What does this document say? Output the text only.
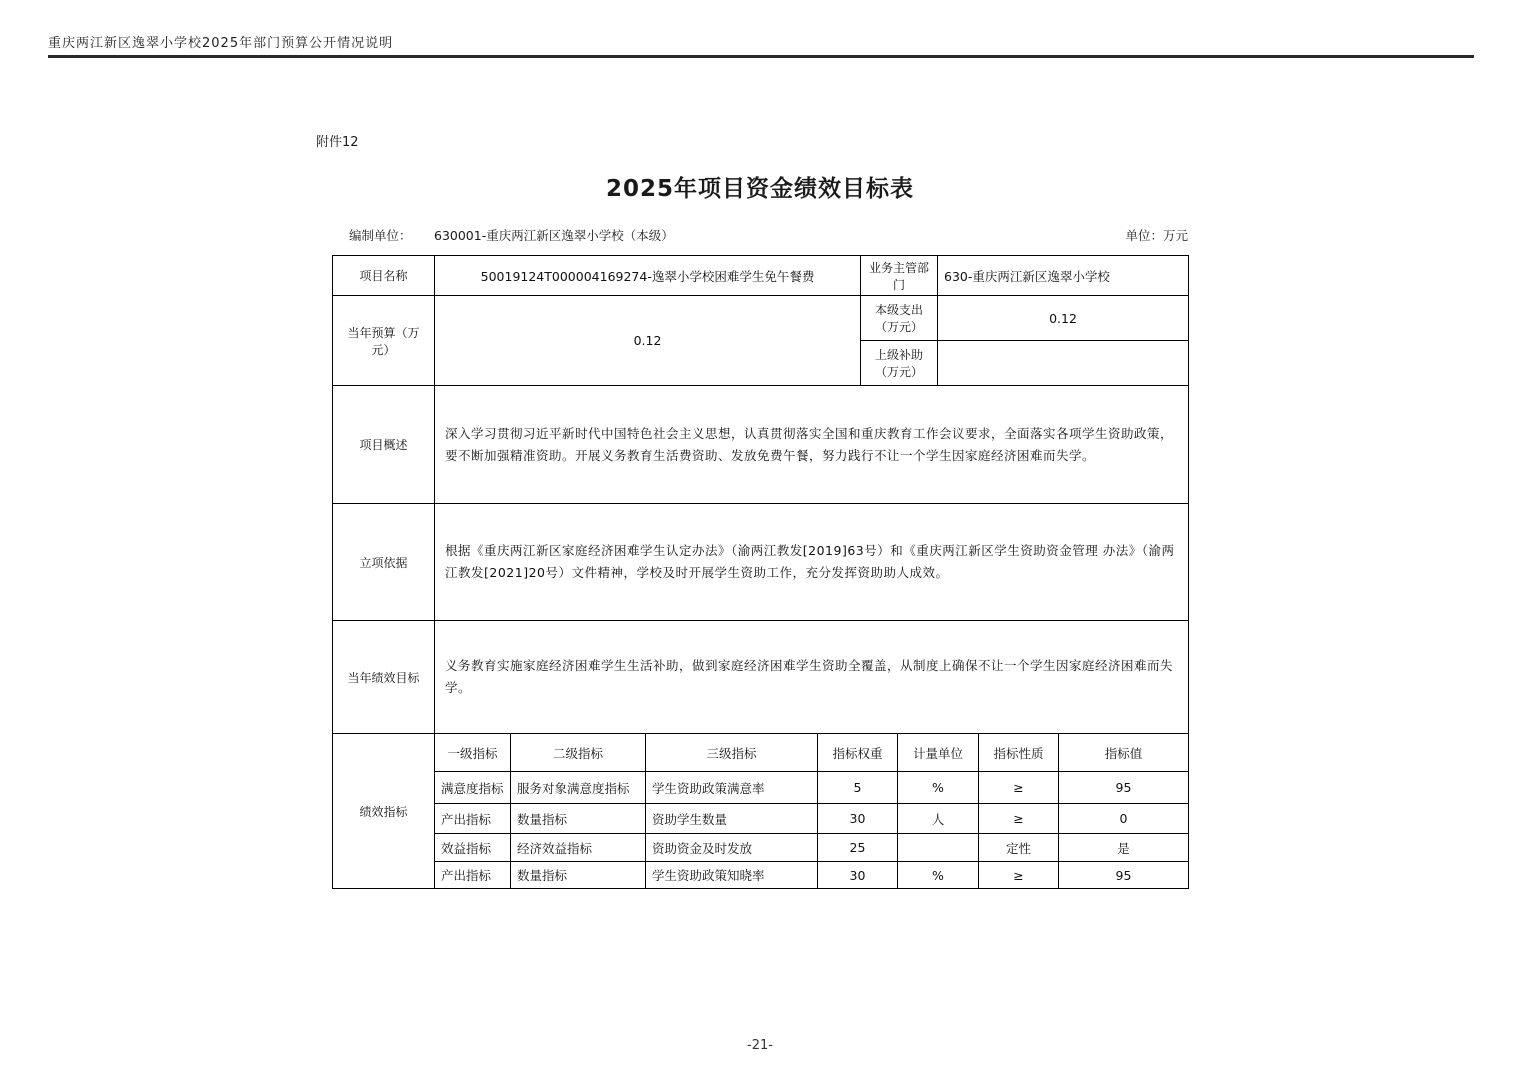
重庆两江新区逸翠小学校2025年部门预算公开情况说明
附件12
2025年项目资金绩效目标表
编制单位： 630001-重庆两江新区逸翠小学校（本级）	单位：万元
项目名称	50019124T000004169274-逸翠小学校困难学生免午餐费	业务主管部门	630-重庆两江新区逸翠小学校
当年预算（万元）	0.12	本级支出 （万元）	0.12
		上级补助 （万元）	
项目概述	深入学习贯彻习近平新时代中国特色社会主义思想，认真贯彻落实全国和重庆教育工作会议要求，全面落实各项学生资助政策，要不断加强精准资助。开展义务教育生活费资助、发放免费午餐，努力践行不让一个学生因家庭经济困难而失学。		
立项依据	根据《重庆两江新区家庭经济困难学生认定办法》（渝两江教发[2019]63号）和《重庆两江新区学生资助资金管理 办法》（渝两江教发[2021]20号）文件精神，学校及时开展学生资助工作，充分发挥资助助人成效。		
当年绩效目标	义务教育实施家庭经济困难学生生活补助，做到家庭经济困难学生资助全覆盖，从制度上确保不让一个学生因家庭经济困难而失学。		
绩效指标	一级指标	二级指标	三级指标	指标权重	计量单位	指标性质	指标值
	满意度指标	服务对象满意度指标	学生资助政策满意率	5	%	≥	95
	产出指标	数量指标	资助学生数量	30	人	≥	0
	效益指标	经济效益指标	资助资金及时发放	25		定性	是
	产出指标	数量指标	学生资助政策知晓率	30	%	≥	95
-21-
